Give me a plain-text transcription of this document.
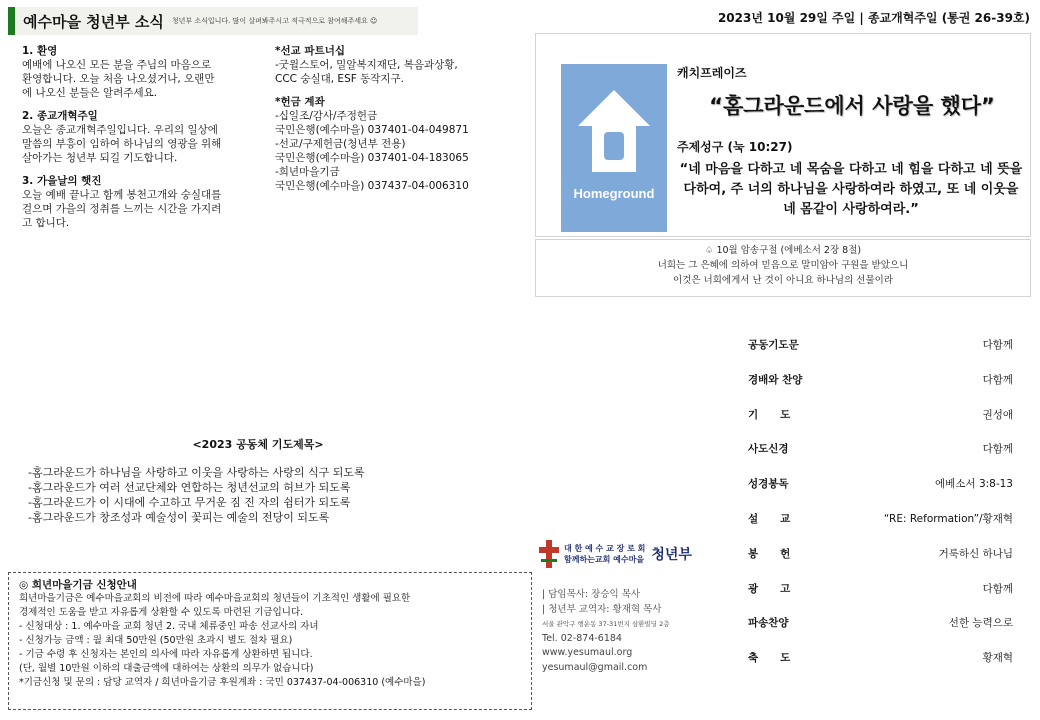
예수마을 청년부 소식 청년부 소식입니다. 많이 살펴봐주시고 적극적으로 참여해주세요 ☺	2023년 10월 29일 주일 | 종교개혁주일 (통권 26-39호)
1. 환영

예배에 나오신 모든 분을 주님의 마음으로

환영합니다. 오늘 처음 나오셨거나, 오랜만

에 나오신 분들은 알려주세요.

2. 종교개혁주일

오늘은 종교개혁주일입니다. 우리의 일상에

말씀의 부흥이 임하여 하나님의 영광을 위해

살아가는 청년부 되길 기도합니다.

3. 가을날의 햇진

오늘 예배 끝나고 함께 봉천고개와 숭실대를

걸으며 가을의 정취를 느끼는 시간을 가지려

고 합니다.

*선교 파트너십

-굿윌스토어, 밀알복지재단, 복음과상황,

CCC 숭실대, ESF 동작지구.

*헌금 계좌

-십일조/감사/주정헌금

국민은행(예수마을) 037401-04-049871

-선교/구제헌금(청년부 전용)

국민은행(예수마을) 037401-04-183065

-희년마을기금

국민은행(예수마을) 037437-04-006310	Homeground
캐치프레이즈
“홈그라운드에서 사랑을 했다”
주제성구 (눅 10:27)
“네 마음을 다하고 네 목숨을 다하고 네 힘을 다하고 네 뜻을 다하여, 주 너의 하나님을 사랑하여라 하였고, 또 네 이웃을 네 몸같이 사랑하여라.”
♤ 10월 암송구절 (에베소서 2장 8절)
너희는 그 은혜에 의하여 믿음으로 말미암아 구원을 받았으니
이것은 너희에게서 난 것이 아니요 하나님의 선물이라
<2023 공동체 기도제목>

-홈그라운드가 하나님을 사랑하고 이웃을 사랑하는 사랑의 식구 되도록

-홈그라운드가 여러 선교단체와 연합하는 청년선교의 허브가 되도록

-홈그라운드가 이 시대에 수고하고 무거운 짐 진 자의 쉼터가 되도록

-홈그라운드가 창조성과 예술성이 꽃피는 예술의 전당이 되도록

◎ 희년마을기금 신청안내

희년마을기금은 예수마을교회의 비전에 따라 예수마을교회의 청년들이 기초적인 생활에 필요한

경제적인 도움을 받고 자유롭게 상환할 수 있도록 마련된 기금입니다.

- 신청대상 : 1. 예수마을 교회 청년 2. 국내 체류중인 파송 선교사의 자녀

- 신청가능 금액 : 월 최대 50만원 (50만원 초과시 별도 절차 필요)

- 기금 수령 후 신청자는 본인의 의사에 따라 자유롭게 상환하면 됩니다.

(단, 월별 10만원 이하의 대출금액에 대하여는 상환의 의무가 없습니다)

*기금신청 및 문의 : 담당 교역자 / 희년마을기금 후원계좌 : 국민 037437-04-006310 (예수마을)

대 한 예 수 교 장 로 회
함께하는교회 예수마을 청년부
| 담임목사: 장승익 목사
| 청년부 교역자: 황재혁 목사
서울 관악구 행운동 37-31번지 삼환빌딩 2층
Tel. 02-874-6184
www.yesumaul.org
yesumaul@gmail.com
공동기도문	다함께
경배와 찬양	다함께
기      도	권성애
사도신경	다함께
성경봉독	에베소서 3:8-13
설      교	“RE: Reformation”/황재혁
봉      헌	거룩하신 하나님
광      고	다함께
파송찬양	선한 능력으로
축      도	황재혁
